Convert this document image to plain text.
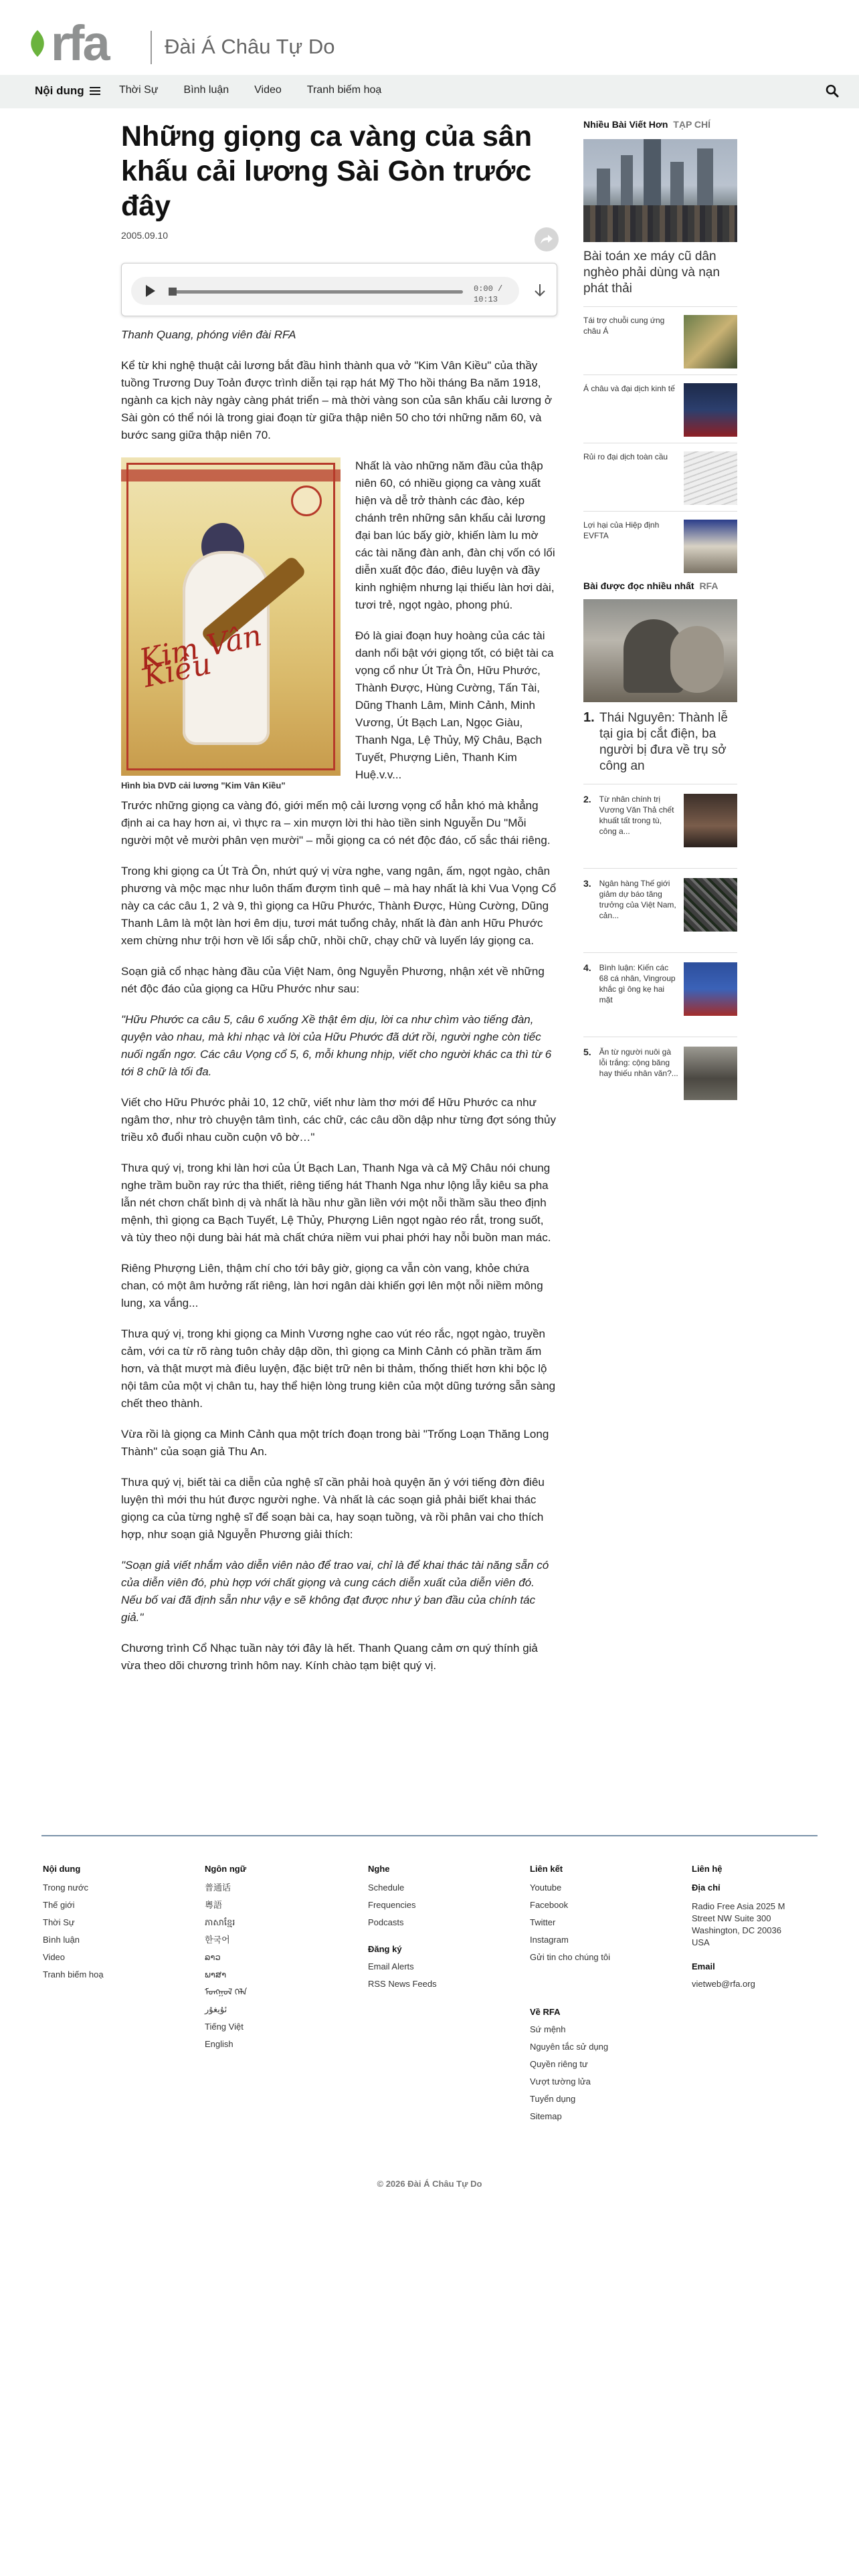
rfa	Đài Á Châu Tự Do
Nội dung	Thời Sự Bình luận Video Tranh biếm hoạ
Những giọng ca vàng của sân khấu cải lương Sài Gòn trước đây
2005.09.10
0:00 / 10:13

Thanh Quang, phóng viên đài RFA

Kể từ khi nghệ thuật cải lương bắt đầu hình thành qua vở "Kim Vân Kiều" của thầy tuồng Trương Duy Toản được trình diễn tại rạp hát Mỹ Tho hồi tháng Ba năm 1918, ngành ca kịch này ngày càng phát triển – mà thời vàng son của sân khấu cải lương ở Sài gòn có thể nói là trong giai đoạn từ giữa thập niên 50 cho tới những năm 60, và bước sang giữa thập niên 70.

Kim Vân Kiều
Hình bìa DVD cải lương "Kim Vân Kiều"

Nhất là vào những năm đầu của thập niên 60, có nhiều giọng ca vàng xuất hiện và dễ trở thành các đào, kép chánh trên những sân khấu cải lương đại ban lúc bấy giờ, khiến làm lu mờ các tài năng đàn anh, đàn chị vốn có lối diễn xuất độc đáo, điêu luyện và đầy kinh nghiệm nhưng lại thiếu làn hơi dài, tươi trẻ, ngọt ngào, phong phú.

Đó là giai đoạn huy hoàng của các tài danh nổi bật với giọng tốt, có biệt tài ca vọng cổ như Út Trà Ôn, Hữu Phước, Thành Được, Hùng Cường, Tấn Tài, Dũng Thanh Lâm, Minh Cảnh, Minh Vương, Út Bạch Lan, Ngọc Giàu, Thanh Nga, Lệ Thủy, Mỹ Châu, Bạch Tuyết, Phượng Liên, Thanh Kim Huệ.v.v...

Trước những giọng ca vàng đó, giới mến mộ cải lương vọng cổ hẳn khó mà khẳng định ai ca hay hơn ai, vì thực ra – xin mượn lời thi hào tiền sinh Nguyễn Du "Mỗi người một vẻ mười phân vẹn mười" – mỗi giọng ca có nét độc đáo, cố sắc thái riêng.

Trong khi giọng ca Út Trà Ôn, nhứt quý vị vừa nghe, vang ngân, ấm, ngọt ngào, chân phương và mộc mạc như luôn thấm đượm tình quê – mà hay nhất là khi Vua Vọng Cổ này ca các câu 1, 2 và 9, thì giọng ca Hữu Phước, Thành Được, Hùng Cường, Dũng Thanh Lâm là một làn hơi êm dịu, tươi mát tuổng chảy, nhất là đàn anh Hữu Phước xem chừng như trội hơn về lối sắp chữ, nhồi chữ, chạy chữ và luyến láy giọng ca.

Soạn giả cổ nhạc hàng đầu của Việt Nam, ông Nguyễn Phương, nhận xét về những nét độc đáo của giọng ca Hữu Phước như sau:

"Hữu Phước ca câu 5, câu 6 xuống Xề thật êm dịu, lời ca như chìm vào tiếng đàn, quyện vào nhau, mà khi nhạc và lời của Hữu Phước đã dứt rồi, người nghe còn tiếc nuối ngẩn ngơ. Các câu Vọng cổ 5, 6, mỗi khung nhịp, viết cho người khác ca thì từ 6 tới 8 chữ là tối đa.

Viết cho Hữu Phước phải 10, 12 chữ, viết như làm thơ mới để Hữu Phước ca như ngâm thơ, như trò chuyện tâm tình, các chữ, các câu dồn dập như từng đợt sóng thủy triều xô đuổi nhau cuồn cuộn vô bờ…"

Thưa quý vị, trong khi làn hơi của Út Bạch Lan, Thanh Nga và cả Mỹ Châu nói chung nghe trầm buồn ray rức tha thiết, riêng tiếng hát Thanh Nga như lộng lẫy kiêu sa pha lẫn nét chơn chất bình dị và nhất là hầu như gần liền với một nỗi thầm sầu theo định mệnh, thì giọng ca Bạch Tuyết, Lệ Thủy, Phượng Liên ngọt ngào réo rắt, trong suốt, và tùy theo nội dung bài hát mà chất chứa niềm vui phai phới hay nỗi buồn man mác.

Riêng Phượng Liên, thậm chí cho tới bây giờ, giọng ca vẫn còn vang, khỏe chứa chan, có một âm hưởng rất riêng, làn hơi ngân dài khiến gợi lên một nỗi niềm mông lung, xa vắng...

Thưa quý vị, trong khi giọng ca Minh Vương nghe cao vút réo rắc, ngọt ngào, truyền cảm, với ca từ rõ ràng tuôn chảy dập dồn, thì giọng ca Minh Cảnh có phần trầm ấm hơn, và thật mượt mà điêu luyện, đặc biệt trữ nên bi thảm, thống thiết hơn khi bộc lộ nội tâm của một vị chân tu, hay thể hiện lòng trung kiên của một dũng tướng sẵn sàng chết theo thành.

Vừa rồi là giọng ca Minh Cảnh qua một trích đoạn trong bài "Trống Loạn Thăng Long Thành" của soạn giả Thu An.

Thưa quý vị, biết tài ca diễn của nghệ sĩ cần phải hoà quyện ăn ý với tiếng đờn điêu luyện thì mới thu hút được người nghe. Và nhất là các soạn giả phải biết khai thác giọng ca của từng nghệ sĩ để soạn bài ca, hay soạn tuồng, và rồi phân vai cho thích hợp, như soạn giả Nguyễn Phương giải thích:

"Soạn giả viết nhắm vào diễn viên nào để trao vai, chỉ là để khai thác tài năng sẵn có của diễn viên đó, phù hợp với chất giọng và cung cách diễn xuất của diễn viên đó. Nếu bố vai đã định sẵn như vậy e sẽ không đạt được như ý ban đầu của chính tác giả."

Chương trình Cổ Nhạc tuần này tới đây là hết. Thanh Quang cảm ơn quý thính giả vừa theo dõi chương trình hôm nay. Kính chào tạm biệt quý vị.

Nhiều Bài Viết Hơn TẠP CHÍ
Bài toán xe máy cũ dân nghèo phải dùng và nạn phát thải
Tái trợ chuỗi cung ứng châu Á
Á châu và đại dịch kinh tế
Rủi ro đại dịch toàn cầu
Lợi hại của Hiệp định EVFTA
Bài được đọc nhiều nhất RFA
1. Thái Nguyên: Thành lễ tại gia bị cắt điện, ba người bị đưa về trụ sở công an
2. Từ nhân chính trị Vương Văn Thả chết khuất tất trong tù, công a...
3. Ngân hàng Thế giới giảm dự báo tăng trưởng của Việt Nam, cản...
4. Bình luận: Kiến các 68 cá nhân, Vingroup khắc gì ông kẹ hai mặt
5. Ăn từ người nuôi gà lỗi trắng: cộng băng hay thiếu nhân văn?...
Nội dung
Trong nước
Thế giới
Thời Sự
Bình luận
Video
Tranh biếm hoạ
Ngôn ngữ
普通话
粵語
ភាសាខ្មែរ
한국어
ລາວ
ພາສາ
ᠮᠣᠩᠭᠣᠯ ᠬᠡᠯᠡ
ئۇيغۇر
Tiếng Việt
English
Nghe
Schedule
Frequencies
Podcasts
Đăng ký
Email Alerts
RSS News Feeds
Liên kết
Youtube
Facebook
Twitter
Instagram
Gửi tin cho chúng tôi
Về RFA
Sứ mệnh
Nguyên tắc sử dụng
Quyền riêng tư
Vượt tường lửa
Tuyển dụng
Sitemap
Liên hệ
Địa chỉ
Radio Free Asia 2025 M Street NW Suite 300 Washington, DC 20036 USA
Email
vietweb@rfa.org
© 2026 Đài Á Châu Tự Do
